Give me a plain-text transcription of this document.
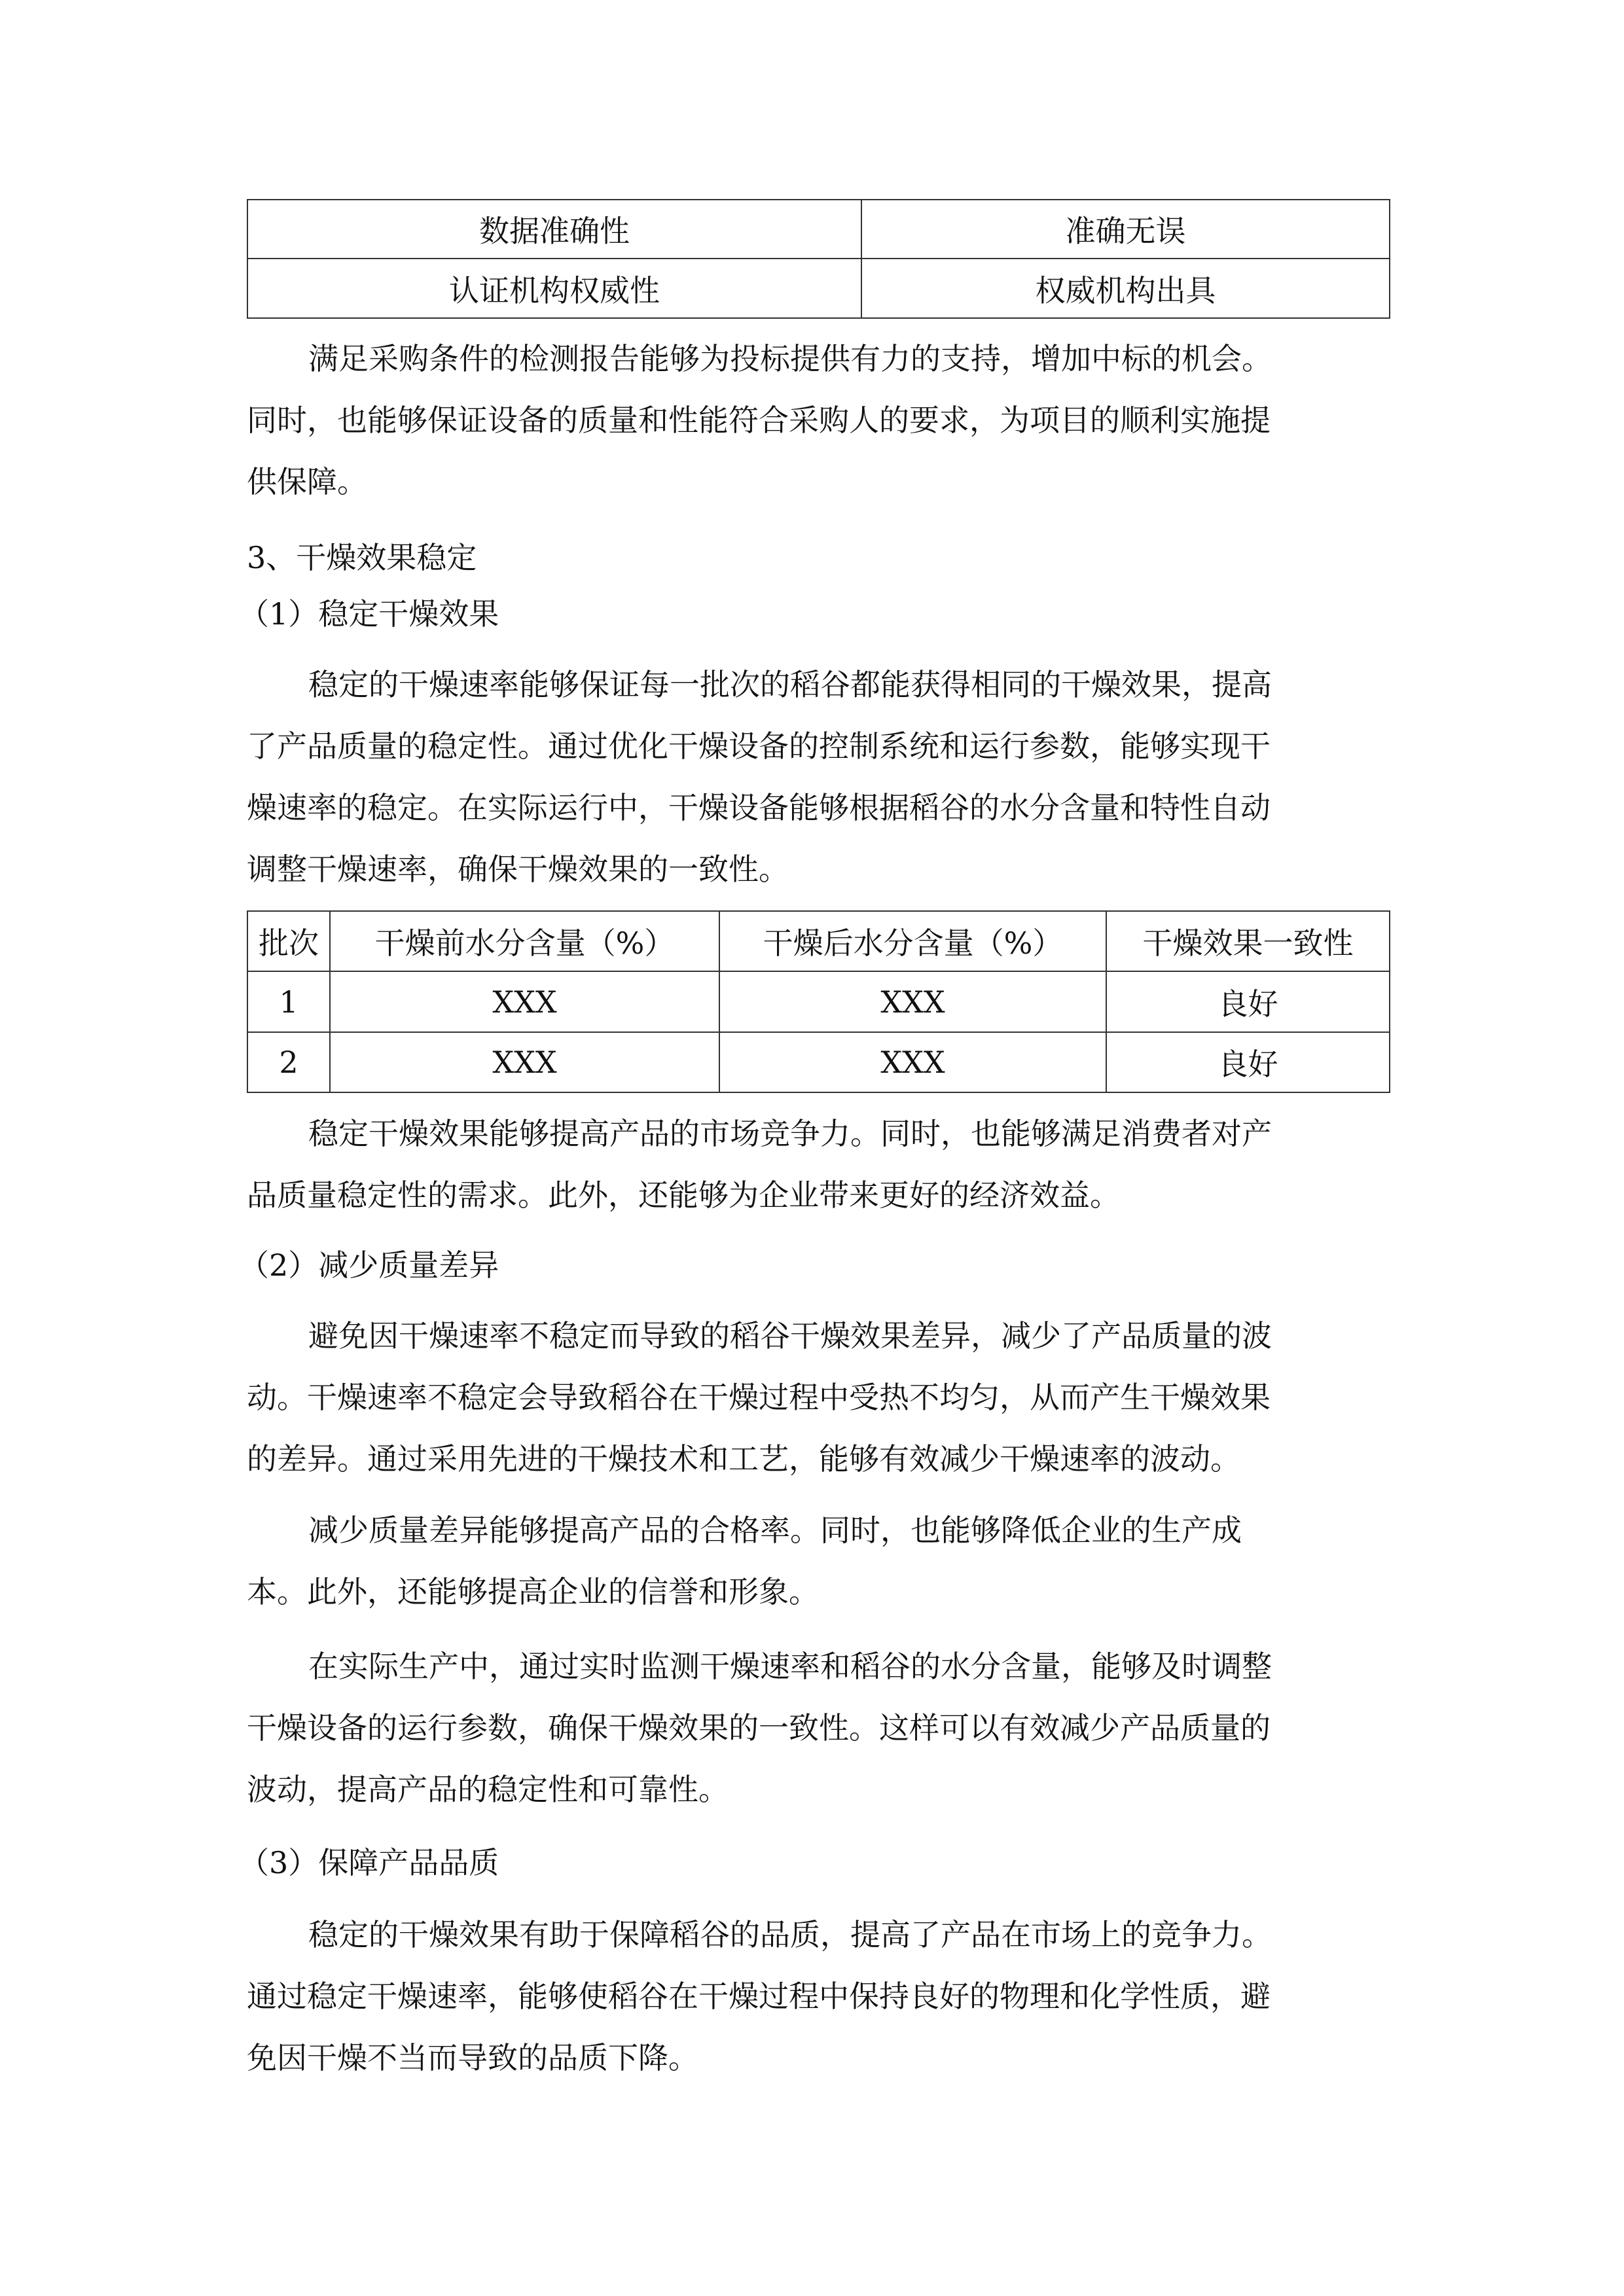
数据准确性	准确无误
认证机构权威性	权威机构出具
满足采购条件的检测报告能够为投标提供有力的支持，增加中标的机会。
同时，也能够保证设备的质量和性能符合采购人的要求，为项目的顺利实施提
供保障。
3、干燥效果稳定
（1）稳定干燥效果
稳定的干燥速率能够保证每一批次的稻谷都能获得相同的干燥效果，提高
了产品质量的稳定性。通过优化干燥设备的控制系统和运行参数，能够实现干
燥速率的稳定。在实际运行中，干燥设备能够根据稻谷的水分含量和特性自动
调整干燥速率，确保干燥效果的一致性。
批次	干燥前水分含量（%）	干燥后水分含量（%）	干燥效果一致性
1	XXX	XXX	良好
2	XXX	XXX	良好
稳定干燥效果能够提高产品的市场竞争力。同时，也能够满足消费者对产
品质量稳定性的需求。此外，还能够为企业带来更好的经济效益。
（2）减少质量差异
避免因干燥速率不稳定而导致的稻谷干燥效果差异，减少了产品质量的波
动。干燥速率不稳定会导致稻谷在干燥过程中受热不均匀，从而产生干燥效果
的差异。通过采用先进的干燥技术和工艺，能够有效减少干燥速率的波动。
减少质量差异能够提高产品的合格率。同时，也能够降低企业的生产成
本。此外，还能够提高企业的信誉和形象。
在实际生产中，通过实时监测干燥速率和稻谷的水分含量，能够及时调整
干燥设备的运行参数，确保干燥效果的一致性。这样可以有效减少产品质量的
波动，提高产品的稳定性和可靠性。
（3）保障产品品质
稳定的干燥效果有助于保障稻谷的品质，提高了产品在市场上的竞争力。
通过稳定干燥速率，能够使稻谷在干燥过程中保持良好的物理和化学性质，避
免因干燥不当而导致的品质下降。
